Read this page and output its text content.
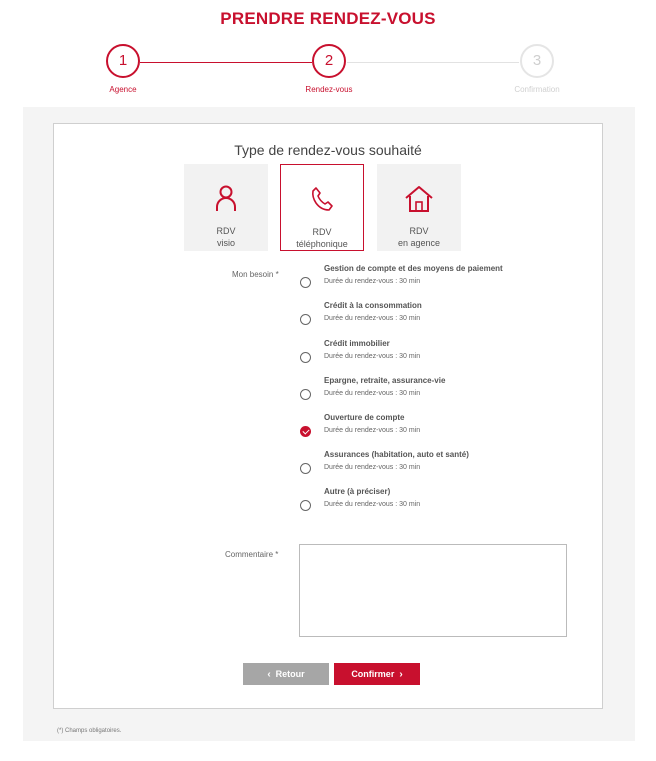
PRENDRE RENDEZ-VOUS
1
Agence
2
Rendez-vous
3
Confirmation
Type de rendez-vous souhaité
RDV
visio
RDV
téléphonique
RDV
en agence
Mon besoin *
Gestion de compte et des moyens de paiement
Durée du rendez-vous : 30 min
Crédit à la consommation
Durée du rendez-vous : 30 min
Crédit immobilier
Durée du rendez-vous : 30 min
Epargne, retraite, assurance-vie
Durée du rendez-vous : 30 min
Ouverture de compte
Durée du rendez-vous : 30 min
Assurances (habitation, auto et santé)
Durée du rendez-vous : 30 min
Autre (à préciser)
Durée du rendez-vous : 30 min
Commentaire *
‹ Retour	Confirmer ›
(*) Champs obligatoires.
